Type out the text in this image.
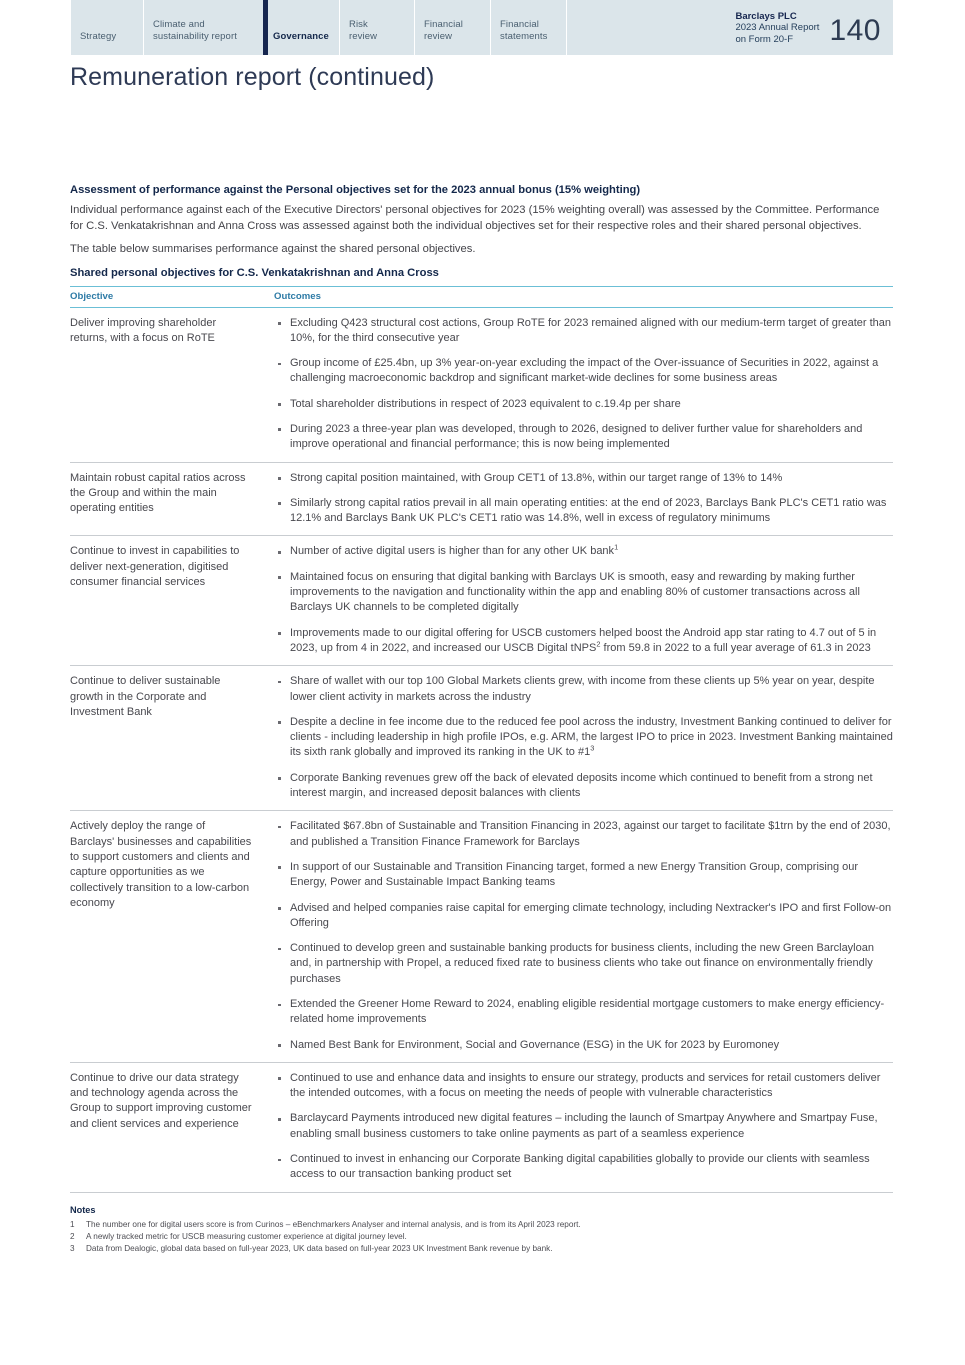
Strategy
Climate and
sustainability report	Governance
Risk
review
Financial
review
Financial
statements
Barclays PLC
2023 Annual Report
on Form 20-F	140
Remuneration report (continued)
Assessment of performance against the Personal objectives set for the 2023 annual bonus (15% weighting)

Individual performance against each of the Executive Directors' personal objectives for 2023 (15% weighting overall) was assessed by the Committee. Performance for C.S. Venkatakrishnan and Anna Cross was assessed against both the individual objectives set for their respective roles and their shared personal objectives.

The table below summarises performance against the shared personal objectives.

Shared personal objectives for C.S. Venkatakrishnan and Anna Cross
Objective	Outcomes
Deliver improving shareholder returns, with a focus on RoTE	
Excluding Q423 structural cost actions, Group RoTE for 2023 remained aligned with our medium-term target of greater than 10%, for the third consecutive year
Group income of £25.4bn, up 3% year-on-year excluding the impact of the Over-issuance of Securities in 2022, against a challenging macroeconomic backdrop and significant market-wide declines for some business areas
Total shareholder distributions in respect of 2023 equivalent to c.19.4p per share
During 2023 a three-year plan was developed, through to 2026, designed to deliver further value for shareholders and improve operational and financial performance; this is now being implemented

Maintain robust capital ratios across the Group and within the main operating entities	
Strong capital position maintained, with Group CET1 of 13.8%, within our target range of 13% to 14%
Similarly strong capital ratios prevail in all main operating entities: at the end of 2023, Barclays Bank PLC's CET1 ratio was 12.1% and Barclays Bank UK PLC's CET1 ratio was 14.8%, well in excess of regulatory minimums

Continue to invest in capabilities to deliver next-generation, digitised consumer financial services	
Number of active digital users is higher than for any other UK bank$^1$
Maintained focus on ensuring that digital banking with Barclays UK is smooth, easy and rewarding by making further improvements to the navigation and functionality within the app and enabling 80% of customer transactions across all Barclays UK channels to be completed digitally
Improvements made to our digital offering for USCB customers helped boost the Android app star rating to 4.7 out of 5 in 2023, up from 4 in 2022, and increased our USCB Digital tNPS$^2$ from 59.8 in 2022 to a full year average of 61.3 in 2023

Continue to deliver sustainable growth in the Corporate and Investment Bank	
Share of wallet with our top 100 Global Markets clients grew, with income from these clients up 5% year on year, despite lower client activity in markets across the industry
Despite a decline in fee income due to the reduced fee pool across the industry, Investment Banking continued to deliver for clients - including leadership in high profile IPOs, e.g. ARM, the largest IPO to price in 2023. Investment Banking maintained its sixth rank globally and improved its ranking in the UK to $\#1^3$
Corporate Banking revenues grew off the back of elevated deposits income which continued to benefit from a strong net interest margin, and increased deposit balances with clients

Actively deploy the range of Barclays' businesses and capabilities to support customers and clients and capture opportunities as we collectively transition to a low-carbon economy	
Facilitated $67.8bn of Sustainable and Transition Financing in 2023, against our target to facilitate $1trn by the end of 2030, and published a Transition Finance Framework for Barclays
In support of our Sustainable and Transition Financing target, formed a new Energy Transition Group, comprising our Energy, Power and Sustainable Impact Banking teams
Advised and helped companies raise capital for emerging climate technology, including Nextracker's IPO and first Follow-on Offering
Continued to develop green and sustainable banking products for business clients, including the new Green Barclayloan and, in partnership with Propel, a reduced fixed rate to business clients who take out finance on environmentally friendly purchases
Extended the Greener Home Reward to 2024, enabling eligible residential mortgage customers to make energy efficiency-related home improvements
Named Best Bank for Environment, Social and Governance (ESG) in the UK for 2023 by Euromoney

Continue to drive our data strategy and technology agenda across the Group to support improving customer and client services and experience	
Continued to use and enhance data and insights to ensure our strategy, products and services for retail customers deliver the intended outcomes, with a focus on meeting the needs of people with vulnerable characteristics
Barclaycard Payments introduced new digital features – including the launch of Smartpay Anywhere and Smartpay Fuse, enabling small business customers to take online payments as part of a seamless experience
Continued to invest in enhancing our Corporate Banking digital capabilities globally to provide our clients with seamless access to our transaction banking product set
Notes
1	The number one for digital users score is from Curinos – eBenchmarkers Analyser and internal analysis, and is from its April 2023 report.
2	A newly tracked metric for USCB measuring customer experience at digital journey level.
3	Data from Dealogic, global data based on full-year 2023, UK data based on full-year 2023 UK Investment Bank revenue by bank.
